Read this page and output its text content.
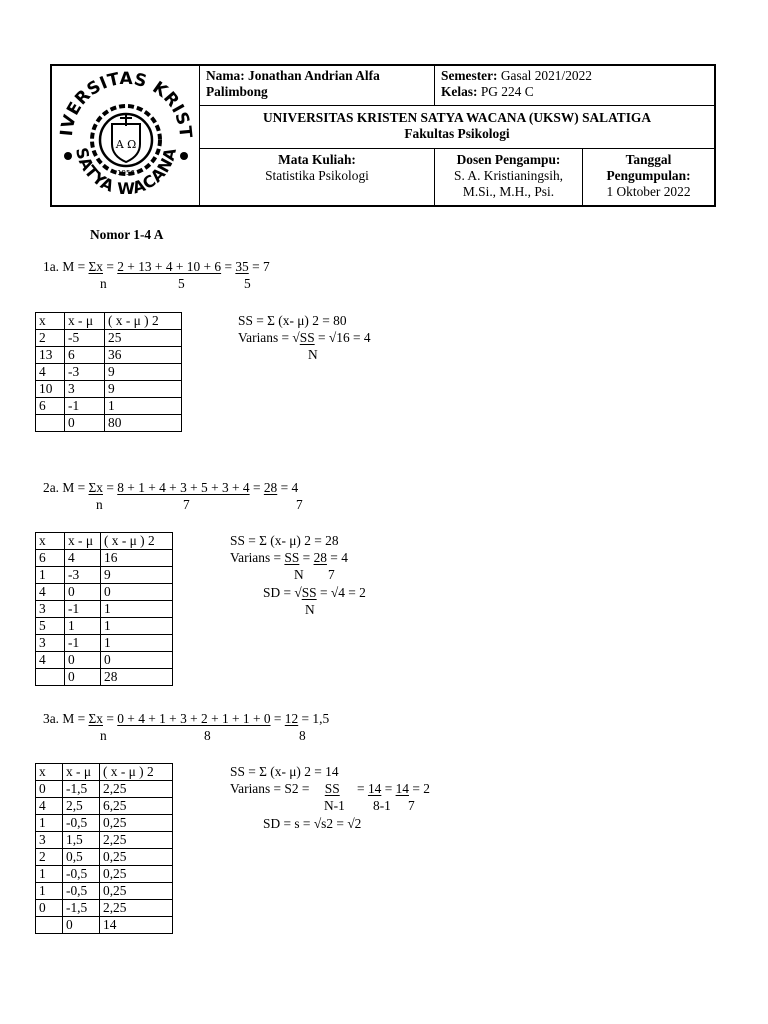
IVERSITAS KRIST
SATYA WACANA
A Ω
1956
Nama: Jonathan Andrian Alfa Palimbong
Semester: Gasal 2021/2022
Kelas: PG 224 C
UNIVERSITAS KRISTEN SATYA WACANA (UKSW) SALATIGA
Fakultas Psikologi
Mata Kuliah:
Statistika Psikologi
Dosen Pengampu:
S. A. Kristianingsih,
M.Si., M.H., Psi.
Tanggal
Pengumpulan:
1 Oktober 2022
Nomor 1-4 A
1a. M = Σx = 2 + 13 + 4 + 10 + 6 = 35 = 7
n	5	5
x	x - μ	( x - μ ) 2
2	-5	25
13	6	36
4	-3	9
10	3	9
6	-1	1
	0	80
SS = Σ (x- μ) 2 = 80
Varians = √SS = √16 = 4
N
2a. M = Σx = 8 + 1 + 4 + 3 + 5 + 3 + 4 = 28 = 4
n	7	7
x	x - μ	( x - μ ) 2
6	4	16
1	-3	9
4	0	0
3	-1	1
5	1	1
3	-1	1
4	0	0
	0	28
SS = Σ (x- μ) 2 = 28
Varians = SS = 28 = 4
N 7
SD = √SS = √4 = 2
N
3a. M = Σx = 0 + 4 + 1 + 3 + 2 + 1 + 1 + 0 = 12 = 1,5
n	8	8
x	x - μ	( x - μ ) 2
0	-1,5	2,25
4	2,5	6,25
1	-0,5	0,25
3	1,5	2,25
2	0,5	0,25
1	-0,5	0,25
1	-0,5	0,25
0	-1,5	2,25
	0	14
SS = Σ (x- μ) 2 = 14
Varians = S2 = SS = 14 = 14 = 2
N-1 8-1 7
SD = s = √s2 = √2
